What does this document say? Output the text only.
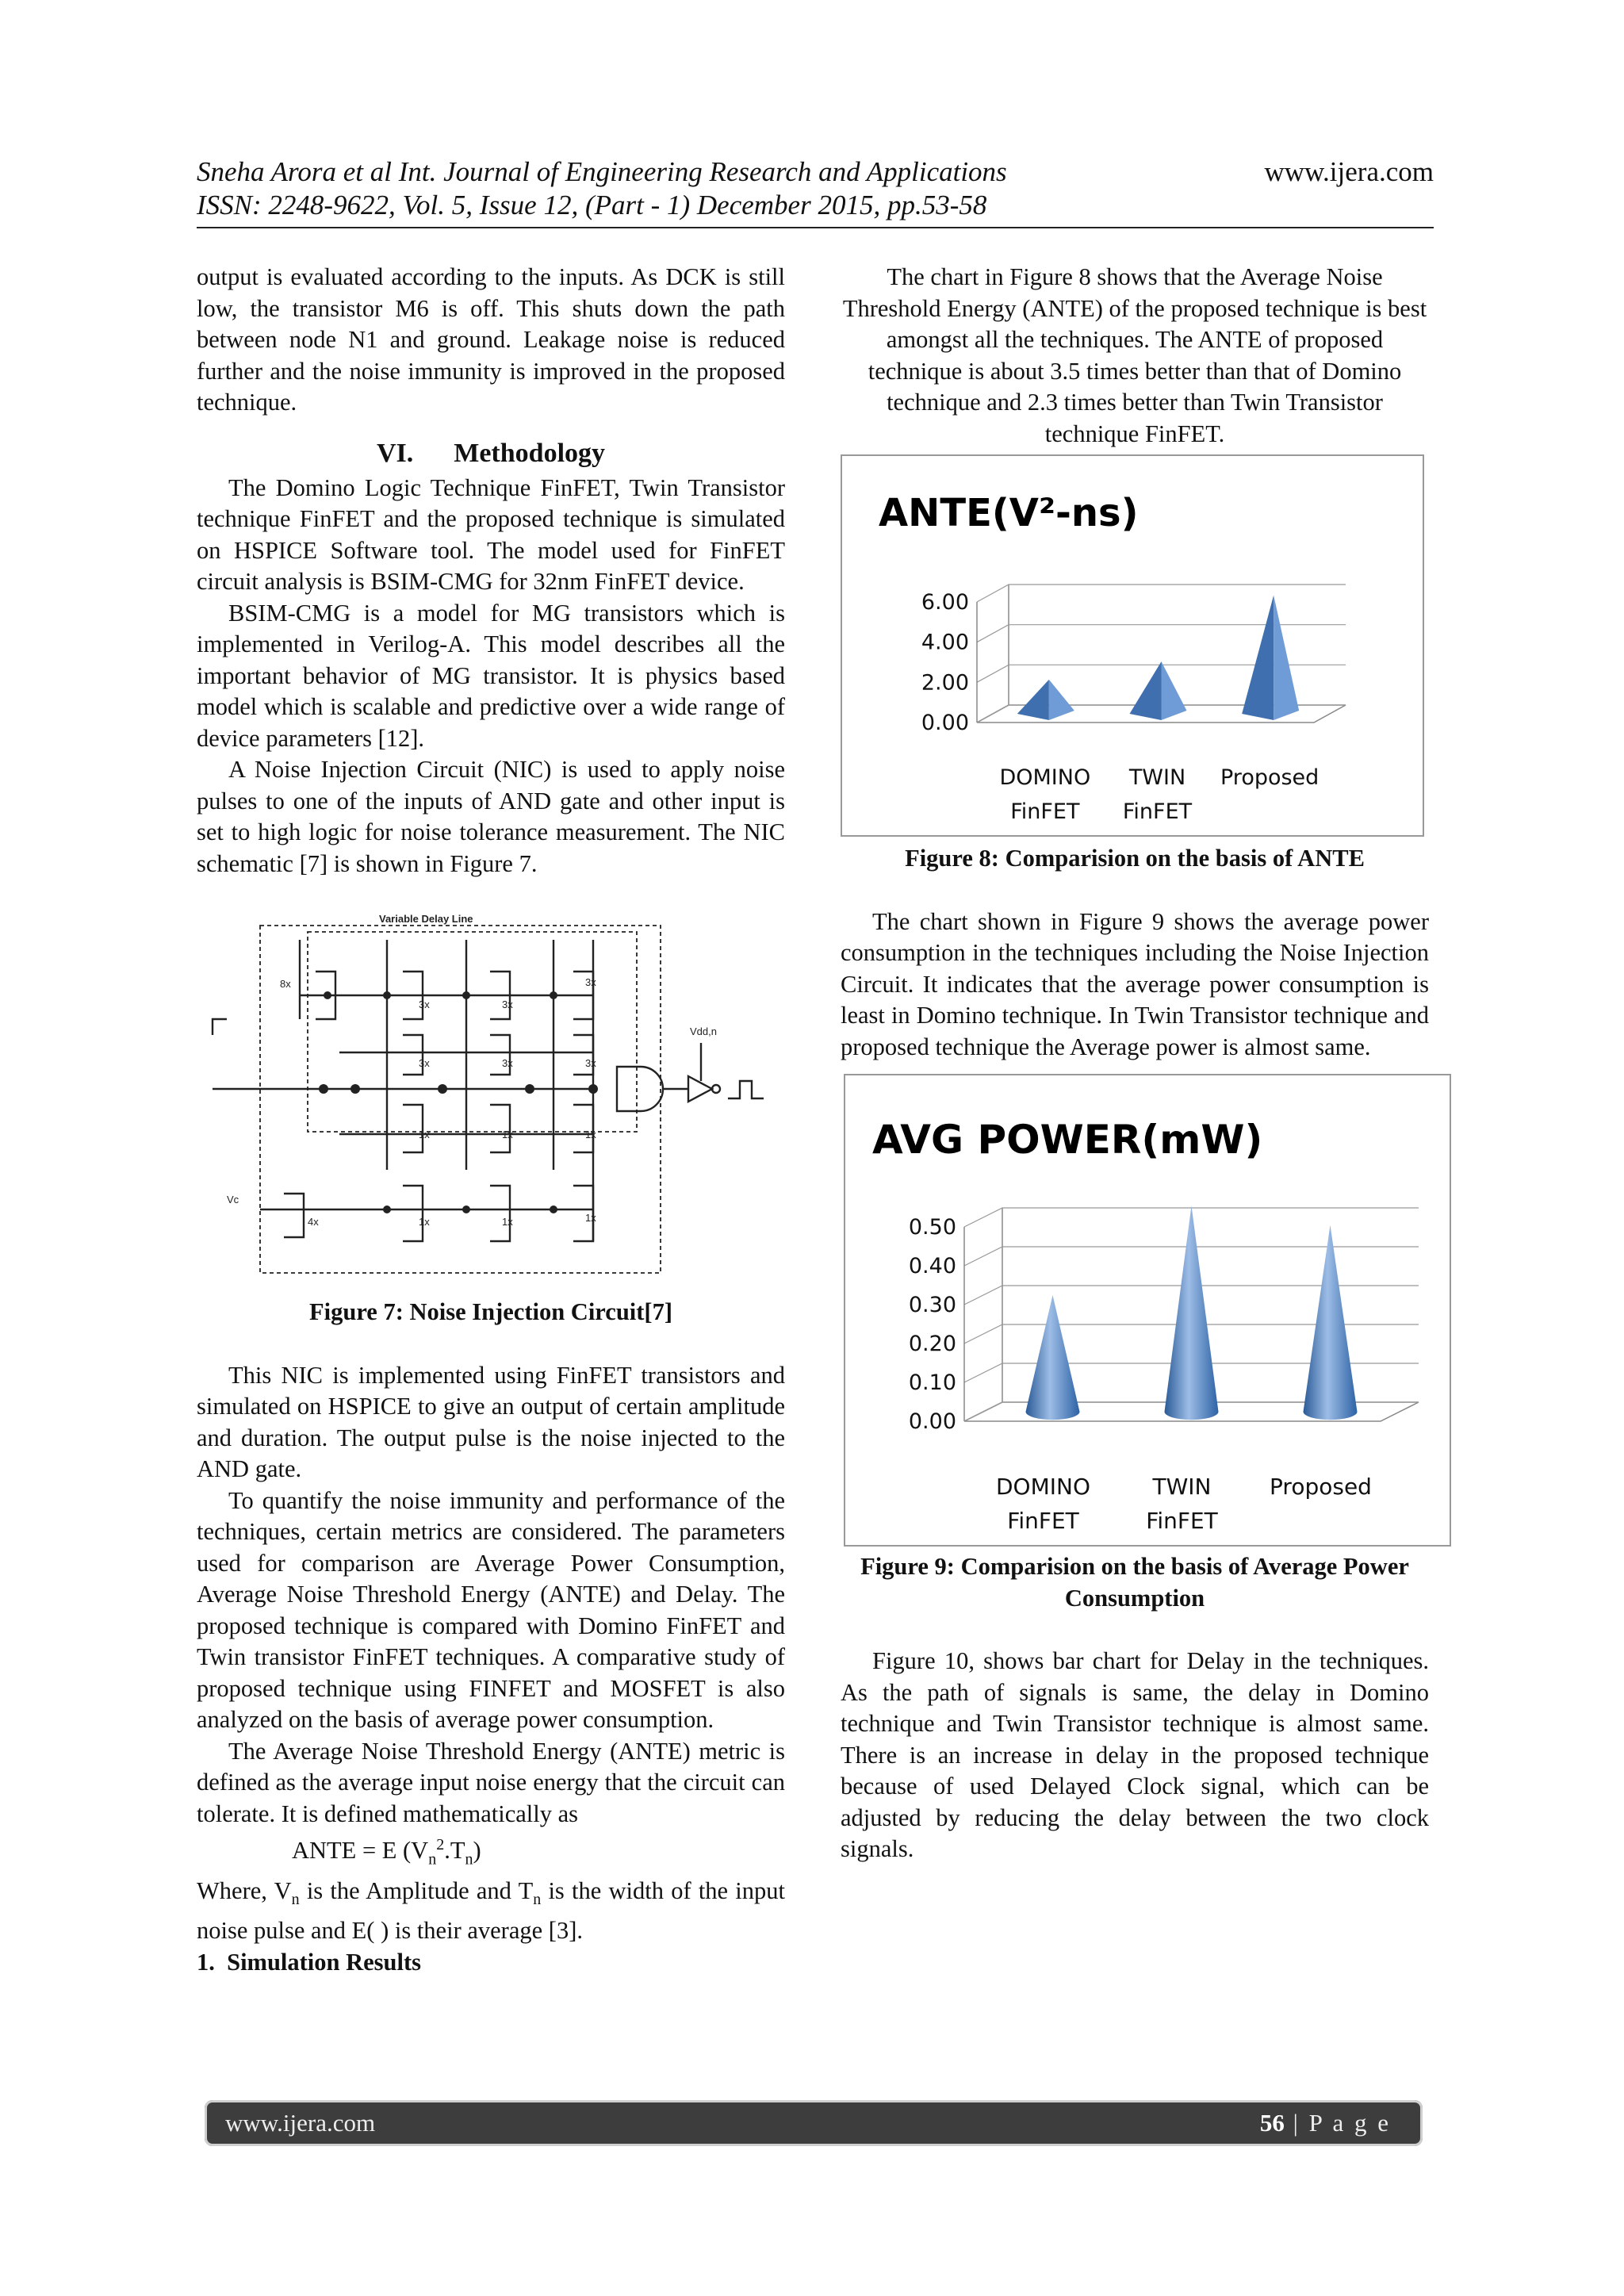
Sneha Arora et al Int. Journal of Engineering Research and Applications
ISSN: 2248-9622, Vol. 5, Issue 12, (Part - 1) December 2015, pp.53-58
www.ijera.com

output is evaluated according to the inputs. As DCK is still low, the transistor M6 is off. This shuts down the path between node N1 and ground. Leakage noise is reduced further and the noise immunity is improved in the proposed technique.

VI.      Methodology

The Domino Logic Technique FinFET, Twin Transistor technique FinFET and the proposed technique is simulated on HSPICE Software tool. The model used for FinFET circuit analysis is BSIM-CMG for 32nm FinFET device.

BSIM-CMG is a model for MG transistors which is implemented in Verilog-A. This model describes all the important behavior of MG transistor. It is physics based model which is scalable and predictive over a wide range of device parameters [12].

A Noise Injection Circuit (NIC) is used to apply noise pulses to one of the inputs of AND gate and other input is set to high logic for noise tolerance measurement. The NIC schematic [7] is shown in Figure 7.

Variable Delay Line
8x
3x	3x
3x
3x	3x	3x
1x	1x	1x
4x	1x	1x	1x
Vdd,n
Vc
Figure 7: Noise Injection Circuit[7]

This NIC is implemented using FinFET transistors and simulated on HSPICE to give an output of certain amplitude and duration. The output pulse is the noise injected to the AND gate.

To quantify the noise immunity and performance of the techniques, certain metrics are considered. The parameters used for comparison are Average Power Consumption, Average Noise Threshold Energy (ANTE) and Delay. The proposed technique is compared with Domino FinFET and Twin transistor FinFET techniques. A comparative study of proposed technique using FINFET and MOSFET is also analyzed on the basis of average power consumption.

The Average Noise Threshold Energy (ANTE) metric is defined as the average input noise energy that the circuit can tolerate. It is defined mathematically as

ANTE = E $(V_n^2.T_n)$

Where, $V_n$ is the Amplitude and $T_n$ is the width of the input noise pulse and E( ) is their average [3].

1.  Simulation Results

The chart in Figure 8 shows that the Average Noise Threshold Energy (ANTE) of the proposed technique is best amongst all the techniques. The ANTE of proposed technique is about 3.5 times better than that of Domino technique and 2.3 times better than Twin Transistor technique FinFET.

ANTE(V²-ns)
0.00
2.00
4.00
6.00
DOMINO
FinFET
TWIN
FinFET
Proposed
Figure 8: Comparision on the basis of ANTE

The chart shown in Figure 9 shows the average power consumption in the techniques including the Noise Injection Circuit. It indicates that the average power consumption is least in Domino technique. In Twin Transistor technique and proposed technique the Average power is almost same.

AVG POWER(mW)
0.00
0.10
0.20
0.30
0.40
0.50
DOMINO
FinFET
TWIN
FinFET
Proposed
Figure 9: Comparision on the basis of Average Power Consumption

Figure 10, shows bar chart for Delay in the techniques. As the path of signals is same, the delay in Domino technique and Twin Transistor technique is almost same. There is an increase in delay in the proposed technique because of used Delayed Clock signal, which can be adjusted by reducing the delay between the two clock signals.

www.ijera.com	56 | P a g e
